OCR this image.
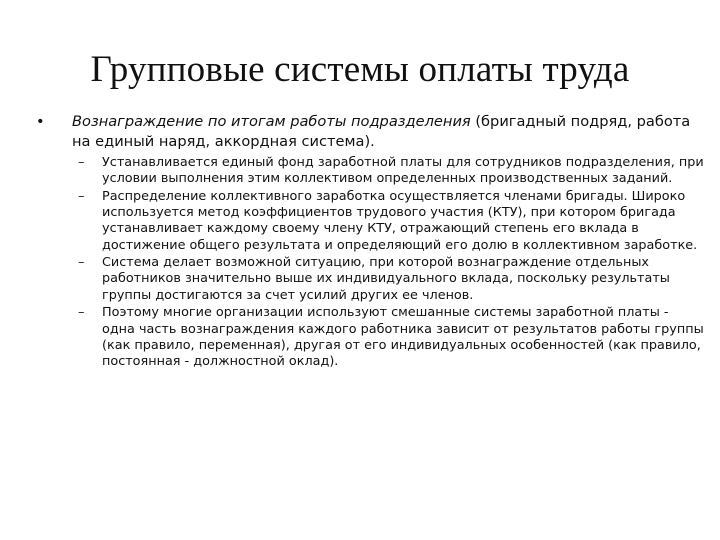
Групповые системы оплаты труда
•	Вознаграждение по итогам работы подразделения (бригадный подряд, работа на единый наряд, аккордная система).
–	Устанавливается единый фонд заработной платы для сотрудников подразделения, при условии выполнения этим коллективом определенных производственных заданий.
–	Распределение коллективного заработка осуществляется членами бригады. Широко используется метод коэффициентов трудового участия (КТУ), при котором бригада устанавливает каждому своему члену КТУ, отражающий степень его вклада в достижение общего результата и определяющий его долю в коллективном заработке.
–	Система делает возможной ситуацию, при которой вознаграждение отдельных работников значительно выше их индивидуального вклада, поскольку результаты группы достигаются за счет усилий других ее членов.
–	Поэтому многие организации используют смешанные системы заработной платы - одна часть вознаграждения каждого работника зависит от результатов работы группы (как правило, переменная), другая от его индивидуальных особенностей (как правило, постоянная - должностной оклад).
